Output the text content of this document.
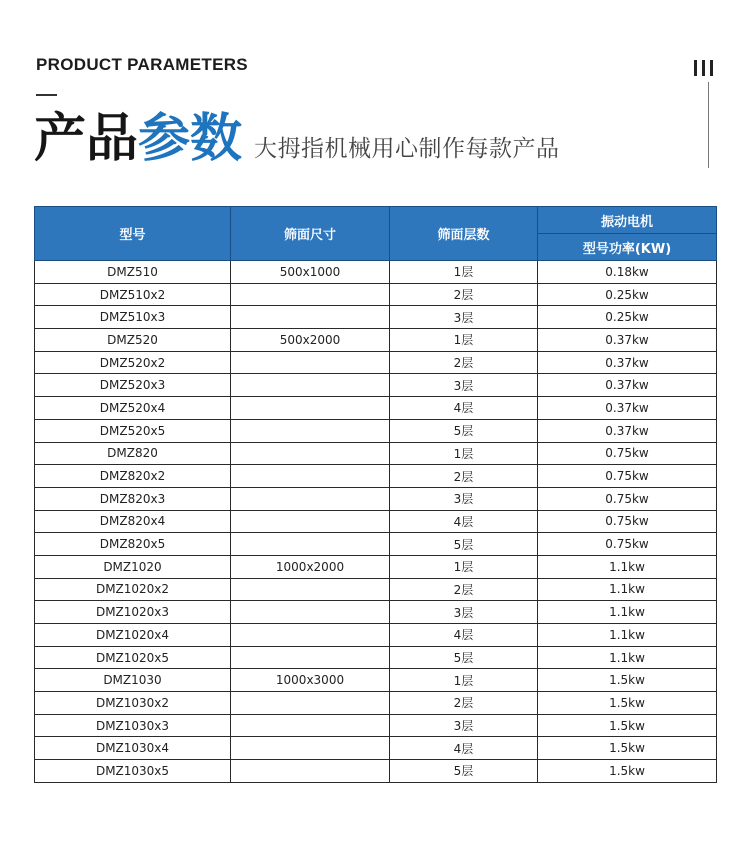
PRODUCT PARAMETERS
产品参数 大拇指机械用心制作每款产品
型号	筛面尺寸	筛面层数	振动电机
			型号功率(KW)
DMZ510	500x1000	1层	0.18kw
DMZ510x2		2层	0.25kw
DMZ510x3		3层	0.25kw
DMZ520	500x2000	1层	0.37kw
DMZ520x2		2层	0.37kw
DMZ520x3		3层	0.37kw
DMZ520x4		4层	0.37kw
DMZ520x5		5层	0.37kw
DMZ820		1层	0.75kw
DMZ820x2		2层	0.75kw
DMZ820x3		3层	0.75kw
DMZ820x4		4层	0.75kw
DMZ820x5		5层	0.75kw
DMZ1020	1000x2000	1层	1.1kw
DMZ1020x2		2层	1.1kw
DMZ1020x3		3层	1.1kw
DMZ1020x4		4层	1.1kw
DMZ1020x5		5层	1.1kw
DMZ1030	1000x3000	1层	1.5kw
DMZ1030x2		2层	1.5kw
DMZ1030x3		3层	1.5kw
DMZ1030x4		4层	1.5kw
DMZ1030x5		5层	1.5kw
